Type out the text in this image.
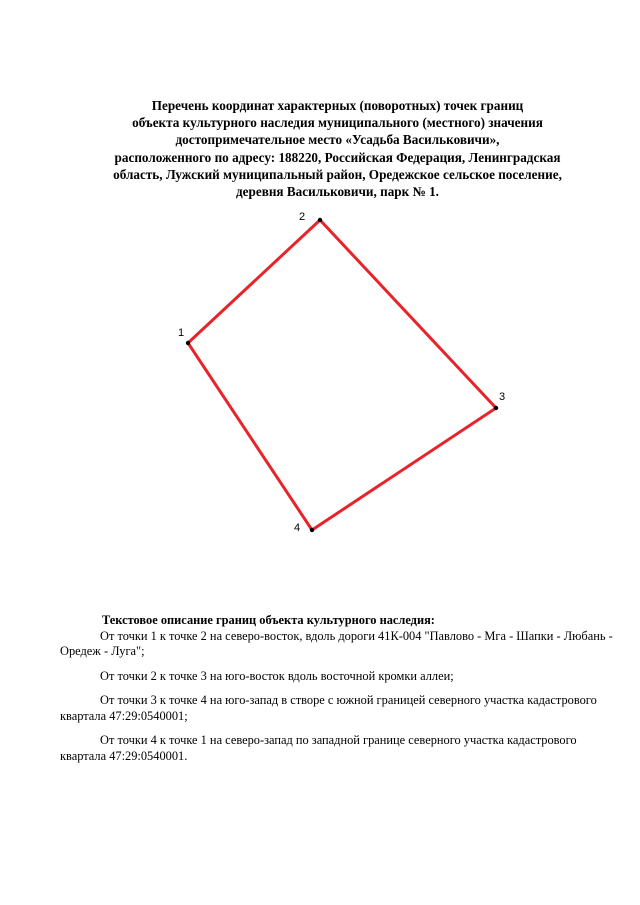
Перечень координат характерных (поворотных) точек границ
объекта культурного наследия муниципального (местного) значения
достопримечательное место «Усадьба Васильковичи»,
расположенного по адресу: 188220, Российская Федерация, Ленинградская
область, Лужский муниципальный район, Оредежское сельское поселение,
деревня Васильковичи, парк № 1.
1
2
3
4
Текстовое описание границ объекта культурного наследия:

От точки 1 к точке 2 на северо-восток, вдоль дороги 41К-004 "Павлово - Мга - Шапки - Любань - Оредеж - Луга";

От точки 2 к точке 3 на юго-восток вдоль восточной кромки аллеи;

От точки 3 к точке 4 на юго-запад в створе с южной границей северного участка кадастрового квартала 47:29:0540001;

От точки 4 к точке 1 на северо-запад по западной границе северного участка кадастрового квартала 47:29:0540001.
